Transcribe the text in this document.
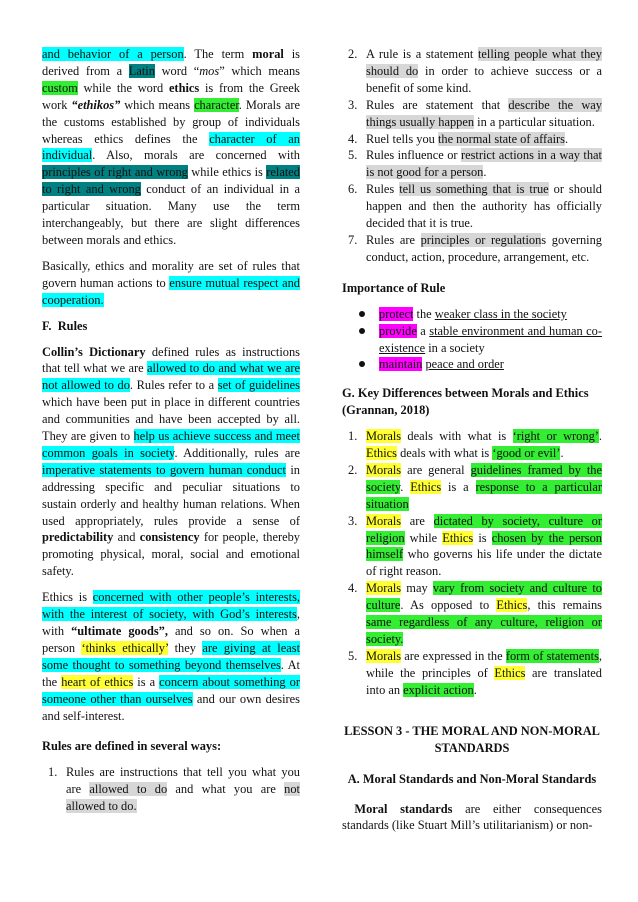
and behavior of a person. The term moral is derived from a Latin word “mos” which means custom while the word ethics is from the Greek work “ethikos” which means character. Morals are the customs established by group of individuals whereas ethics defines the character of an individual. Also, morals are concerned with principles of right and wrong while ethics is related to right and wrong conduct of an individual in a particular situation. Many use the term interchangeably, but there are slight differences between morals and ethics.

Basically, ethics and morality are set of rules that govern human actions to ensure mutual respect and cooperation.

F. Rules

Collin’s Dictionary defined rules as instructions that tell what we are allowed to do and what we are not allowed to do. Rules refer to a set of guidelines which have been put in place in different countries and communities and have been accepted by all. They are given to help us achieve success and meet common goals in society. Additionally, rules are imperative statements to govern human conduct in addressing specific and peculiar situations to sustain orderly and healthy human relations. When used appropriately, rules provide a sense of predictability and consistency for people, thereby promoting physical, moral, social and emotional safety.

Ethics is concerned with other people’s interests, with the interest of society, with God’s interests, with “ultimate goods”, and so on. So when a person ‘thinks ethically’ they are giving at least some thought to something beyond themselves. At the heart of ethics is a concern about something or someone other than ourselves and our own desires and self-interest.

Rules are defined in several ways:
1. Rules are instructions that tell you what you are allowed to do and what you are not allowed to do.
2. A rule is a statement telling people what they should do in order to achieve success or a benefit of some kind.
3. Rules are statement that describe the way things usually happen in a particular situation.
4. Ruel tells you the normal state of affairs.
5. Rules influence or restrict actions in a way that is not good for a person.
6. Rules tell us something that is true or should happen and then the authority has officially decided that it is true.
7. Rules are principles or regulations governing conduct, action, procedure, arrangement, etc.
Importance of Rule
protect the weaker class in the society
provide a stable environment and human co-existence in a society
maintain peace and order
G. Key Differences between Morals and Ethics (Grannan, 2018)
1. Morals deals with what is ‘right or wrong’. Ethics deals with what is ‘good or evil’.
2. Morals are general guidelines framed by the society. Ethics is a response to a particular situation
3. Morals are dictated by society, culture or religion while Ethics is chosen by the person himself who governs his life under the dictate of right reason.
4. Morals may vary from society and culture to culture. As opposed to Ethics, this remains same regardless of any culture, religion or society.
5. Morals are expressed in the form of statements, while the principles of Ethics are translated into an explicit action.
LESSON 3 - THE MORAL AND NON-MORAL STANDARDS
A. Moral Standards and Non-Moral Standards

 Moral standards are either consequences standards (like Stuart Mill’s utilitarianism) or non-
